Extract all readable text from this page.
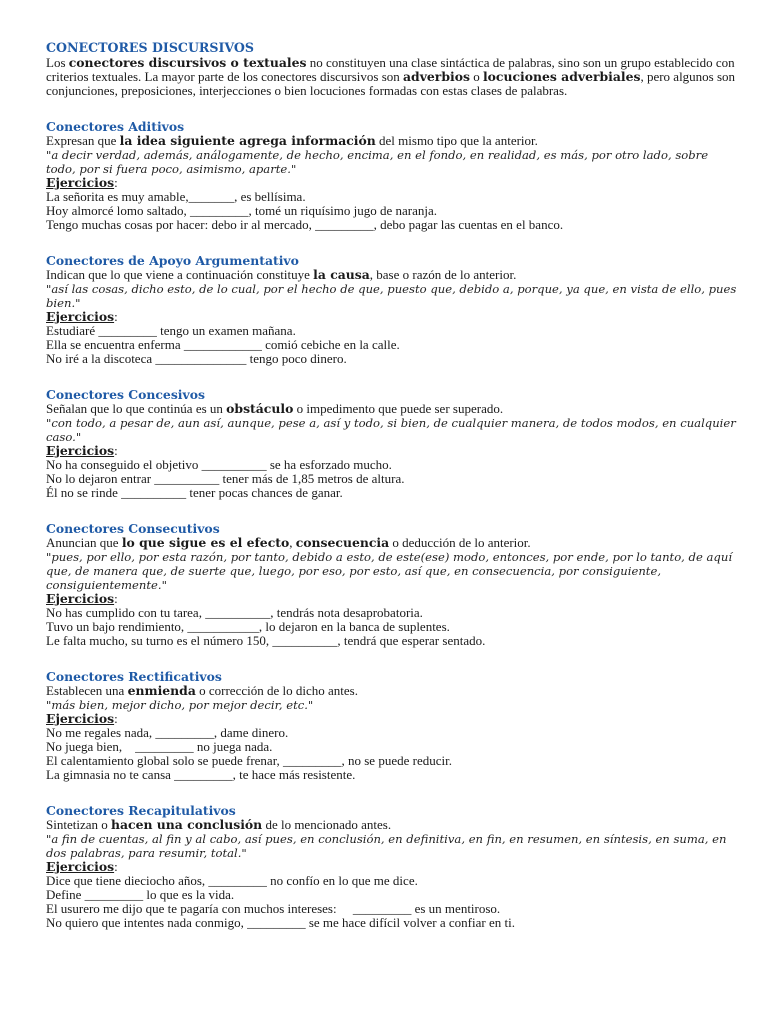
CONECTORES DISCURSIVOS

Los conectores discursivos o textuales no constituyen una clase sintáctica de palabras, sino son un grupo establecido con criterios textuales. La mayor parte de los conectores discursivos son adverbios o locuciones adverbiales, pero algunos son conjunciones, preposiciones, interjecciones o bien locuciones formadas con estas clases de palabras.

Conectores Aditivos

Expresan que la idea siguiente agrega información del mismo tipo que la anterior.

"a decir verdad, además, análogamente, de hecho, encima, en el fondo, en realidad, es más, por otro lado, sobre todo, por si fuera poco, asimismo, aparte."

Ejercicios:

La señorita es muy amable,_______, es bellísima.

Hoy almorcé lomo saltado, _________, tomé un riquísimo jugo de naranja.

Tengo muchas cosas por hacer: debo ir al mercado, _________, debo pagar las cuentas en el banco.

Conectores de Apoyo Argumentativo

Indican que lo que viene a continuación constituye la causa, base o razón de lo anterior.

"así las cosas, dicho esto, de lo cual, por el hecho de que, puesto que, debido a, porque, ya que, en vista de ello, pues bien."

Ejercicios:

Estudiaré _________ tengo un examen mañana.

Ella se encuentra enferma ____________ comió cebiche en la calle.

No iré a la discoteca ______________ tengo poco dinero.

Conectores Concesivos

Señalan que lo que continúa es un obstáculo o impedimento que puede ser superado.

"con todo, a pesar de, aun así, aunque, pese a, así y todo, si bien, de cualquier manera, de todos modos, en cualquier caso."

Ejercicios:

No ha conseguido el objetivo __________ se ha esforzado mucho.

No lo dejaron entrar __________ tener más de 1,85 metros de altura.

Él no se rinde __________ tener pocas chances de ganar.

Conectores Consecutivos

Anuncian que lo que sigue es el efecto, consecuencia o deducción de lo anterior.

"pues, por ello, por esta razón, por tanto, debido a esto, de este(ese) modo, entonces, por ende, por lo tanto, de aquí que, de manera que, de suerte que, luego, por eso, por esto, así que, en consecuencia, por consiguiente, consiguientemente."

Ejercicios:

No has cumplido con tu tarea, __________, tendrás nota desaprobatoria.

Tuvo un bajo rendimiento, ___________, lo dejaron en la banca de suplentes.

Le falta mucho, su turno es el número 150, __________, tendrá que esperar sentado.

Conectores Rectificativos

Establecen una enmienda o corrección de lo dicho antes.

"más bien, mejor dicho, por mejor decir, etc."

Ejercicios:

No me regales nada, _________, dame dinero.

No juega bien,    _________ no juega nada.

El calentamiento global solo se puede frenar, _________, no se puede reducir.

La gimnasia no te cansa _________, te hace más resistente.

Conectores Recapitulativos

Sintetizan o hacen una conclusión de lo mencionado antes.

"a fin de cuentas, al fin y al cabo, así pues, en conclusión, en definitiva, en fin, en resumen, en síntesis, en suma, en dos palabras, para resumir, total."

Ejercicios:

Dice que tiene dieciocho años, _________ no confío en lo que me dice.

Define _________ lo que es la vida.

El usurero me dijo que te pagaría con muchos intereses:     _________ es un mentiroso.

No quiero que intentes nada conmigo, _________ se me hace difícil volver a confiar en ti.
